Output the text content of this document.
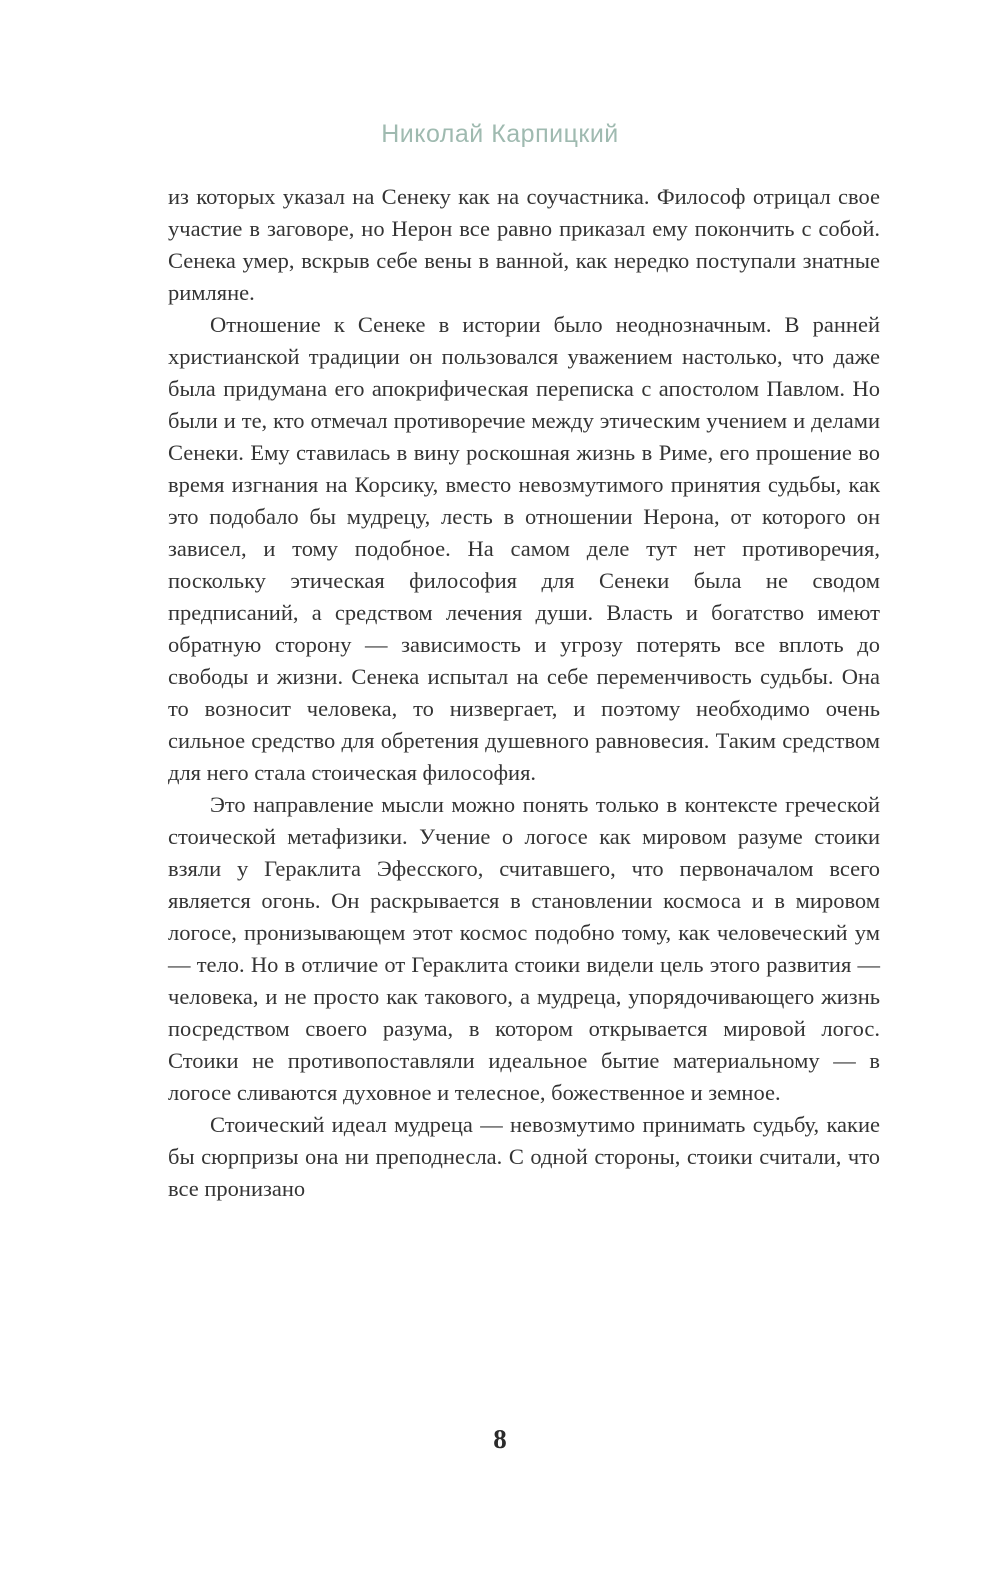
Николай Карпицкий

из которых указал на Сенеку как на соучастника. Философ отрицал свое участие в заговоре, но Нерон все равно приказал ему покончить с собой. Сенека умер, вскрыв себе вены в ванной, как нередко поступали знатные римляне.

Отношение к Сенеке в истории было неоднозначным. В ранней христианской традиции он пользовался уважением настолько, что даже была придумана его апокрифическая переписка с апостолом Павлом. Но были и те, кто отмечал противоречие между этическим учением и делами Сенеки. Ему ставилась в вину роскошная жизнь в Риме, его прошение во время изгнания на Корсику, вместо невозмутимого принятия судьбы, как это подобало бы мудрецу, лесть в отношении Нерона, от которого он зависел, и тому подобное. На самом деле тут нет противоречия, поскольку этическая философия для Сенеки была не сводом предписаний, а средством лечения души. Власть и богатство имеют обратную сторону — зависимость и угрозу потерять все вплоть до свободы и жизни. Сенека испытал на себе переменчивость судьбы. Она то возносит человека, то низвергает, и поэтому необходимо очень сильное средство для обретения душевного равновесия. Таким средством для него стала стоическая философия.

Это направление мысли можно понять только в контексте греческой стоической метафизики. Учение о логосе как мировом разуме стоики взяли у Гераклита Эфесского, считавшего, что первоначалом всего является огонь. Он раскрывается в становлении космоса и в мировом логосе, пронизывающем этот космос подобно тому, как человеческий ум — тело. Но в отличие от Гераклита стоики видели цель этого развития — человека, и не просто как такового, а мудреца, упорядочивающего жизнь посредством своего разума, в котором открывается мировой логос. Стоики не противопоставляли идеальное бытие материальному — в логосе сливаются духовное и телесное, божественное и земное.

Стоический идеал мудреца — невозмутимо принимать судьбу, какие бы сюрпризы она ни преподнесла. С одной стороны, стоики считали, что все пронизано

8
